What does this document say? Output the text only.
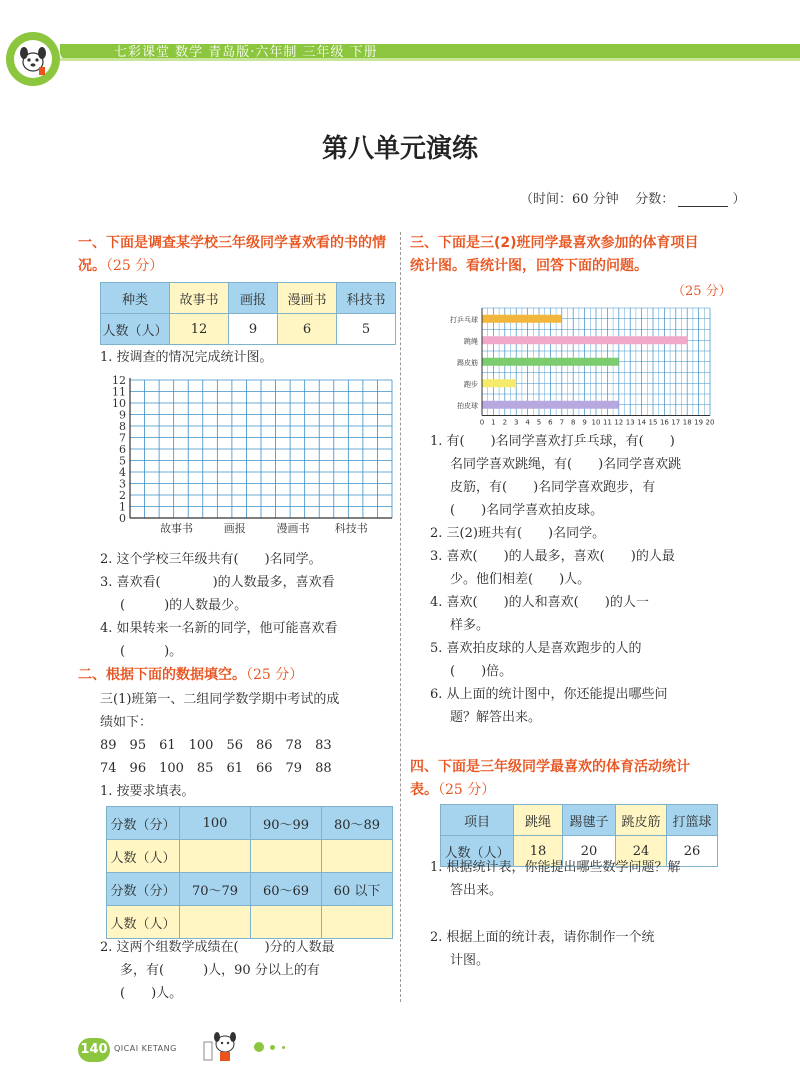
七彩课堂 数学 青岛版·六年制 三年级 下册
第八单元演练
（时间：60 分钟 分数：	）
一、下面是调查某学校三年级同学喜欢看的书的情况。（25 分）
种类	故事书	画报	漫画书	科技书
人数（人）	12	9	6	5
1. 按调查的情况完成统计图。
12
11
10
9
8
7
6
5
4
3
2
1
0
故事书	画报	漫画书 科技书
2. 这个学校三年级共有(　　)名同学。
3. 喜欢看(　　　　)的人数最多，喜欢看
(　　　)的人数最少。
4. 如果转来一名新的同学，他可能喜欢看
(　　　)。
二、根据下面的数据填空。（25 分）
三(1)班第一、二组同学数学期中考试的成
绩如下：
89　95　61　100　56　86　78　83
74　96　100　85　61　66　79　88
1. 按要求填表。
分数（分）	100	90～99	80～89
人数（人）			
分数（分）	70～79	60～69	60 以下
人数（人）			
2. 这两个组数学成绩在(　　)分的人数最
多，有(　　　)人，90 分以上的有
(　　)人。
三、下面是三(2)班同学最喜欢参加的体育项目
统计图。看统计图，回答下面的问题。
（25 分）
打乒乓球
跳绳
踢皮筋
跑步
拍皮球
0 1 2 3 4 5 6 7 8 9 10 11 12 13 14 15 16 17 18 19 20
1. 有(　　)名同学喜欢打乒乓球，有(　　)
名同学喜欢跳绳，有(　　)名同学喜欢跳
皮筋，有(　　)名同学喜欢跑步，有
(　　)名同学喜欢拍皮球。
2. 三(2)班共有(　　)名同学。
3. 喜欢(　　)的人最多，喜欢(　　)的人最
少。他们相差(　　)人。
4. 喜欢(　　)的人和喜欢(　　)的人一
样多。
5. 喜欢拍皮球的人是喜欢跑步的人的
(　　)倍。
6. 从上面的统计图中，你还能提出哪些问
题？解答出来。
四、下面是三年级同学最喜欢的体育活动统计
表。（25 分）
项目	跳绳	踢毽子	跳皮筋	打篮球
人数（人）	18	20	24	26
1. 根据统计表，你能提出哪些数学问题？解
答出来。
2. 根据上面的统计表，请你制作一个统
计图。
140 QICAI KETANG
